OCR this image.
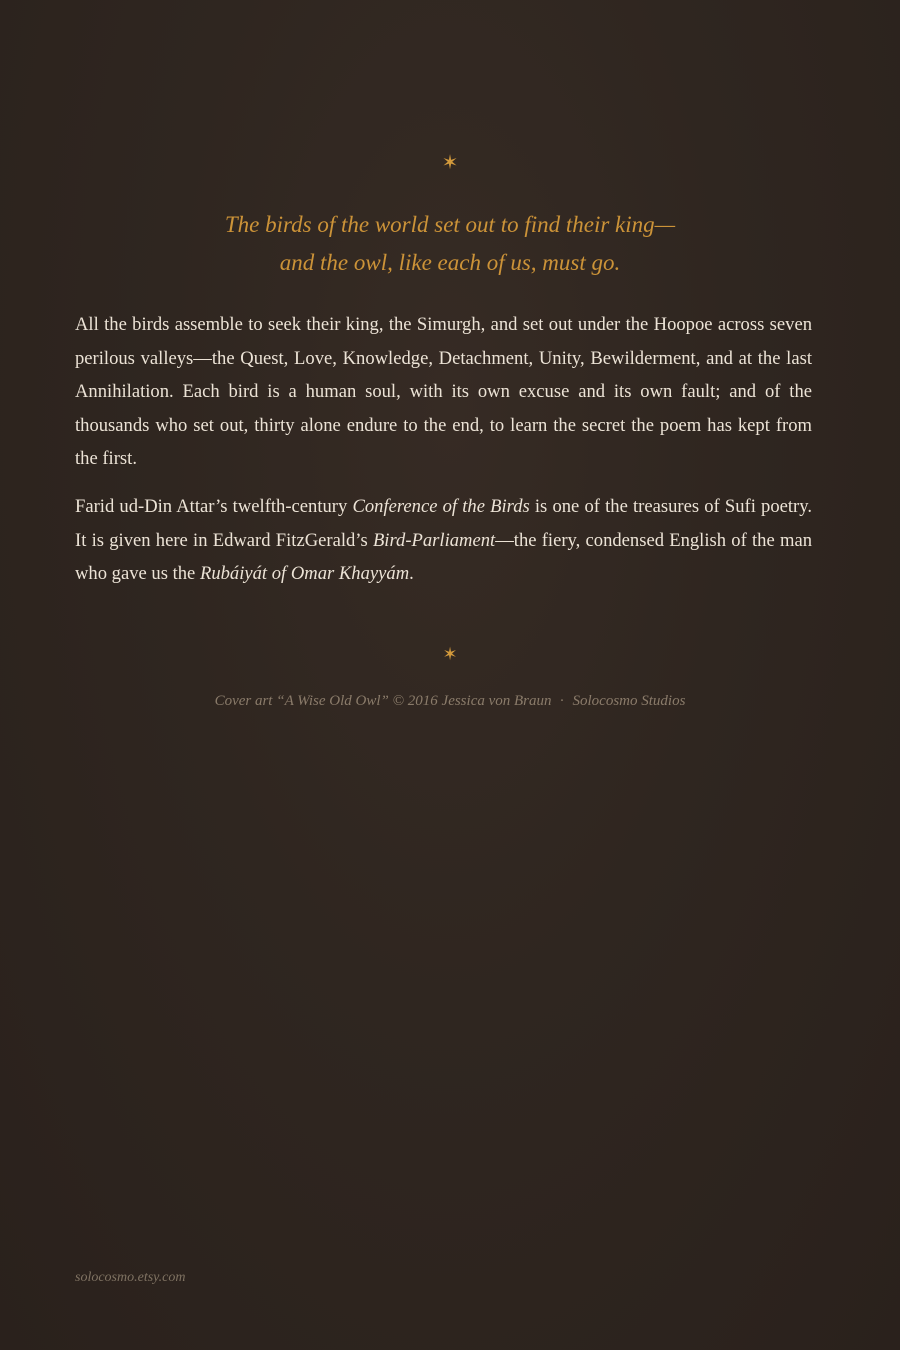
✶
The birds of the world set out to find their king—
and the owl, like each of us, must go.

All the birds assemble to seek their king, the Simurgh, and set out under the Hoopoe across seven perilous valleys—the Quest, Love, Knowledge, Detachment, Unity, Bewilderment, and at the last Annihilation. Each bird is a human soul, with its own excuse and its own fault; and of the thousands who set out, thirty alone endure to the end, to learn the secret the poem has kept from the first.

Farid ud-Din Attar’s twelfth-century Conference of the Birds is one of the treasures of Sufi poetry. It is given here in Edward FitzGerald’s Bird-Parliament—the fiery, condensed English of the man who gave us the Rubáiyát of Omar Khayyám.

✶
Cover art “A Wise Old Owl” © 2016 Jessica von Braun · Solocosmo Studios
solocosmo.etsy.com
